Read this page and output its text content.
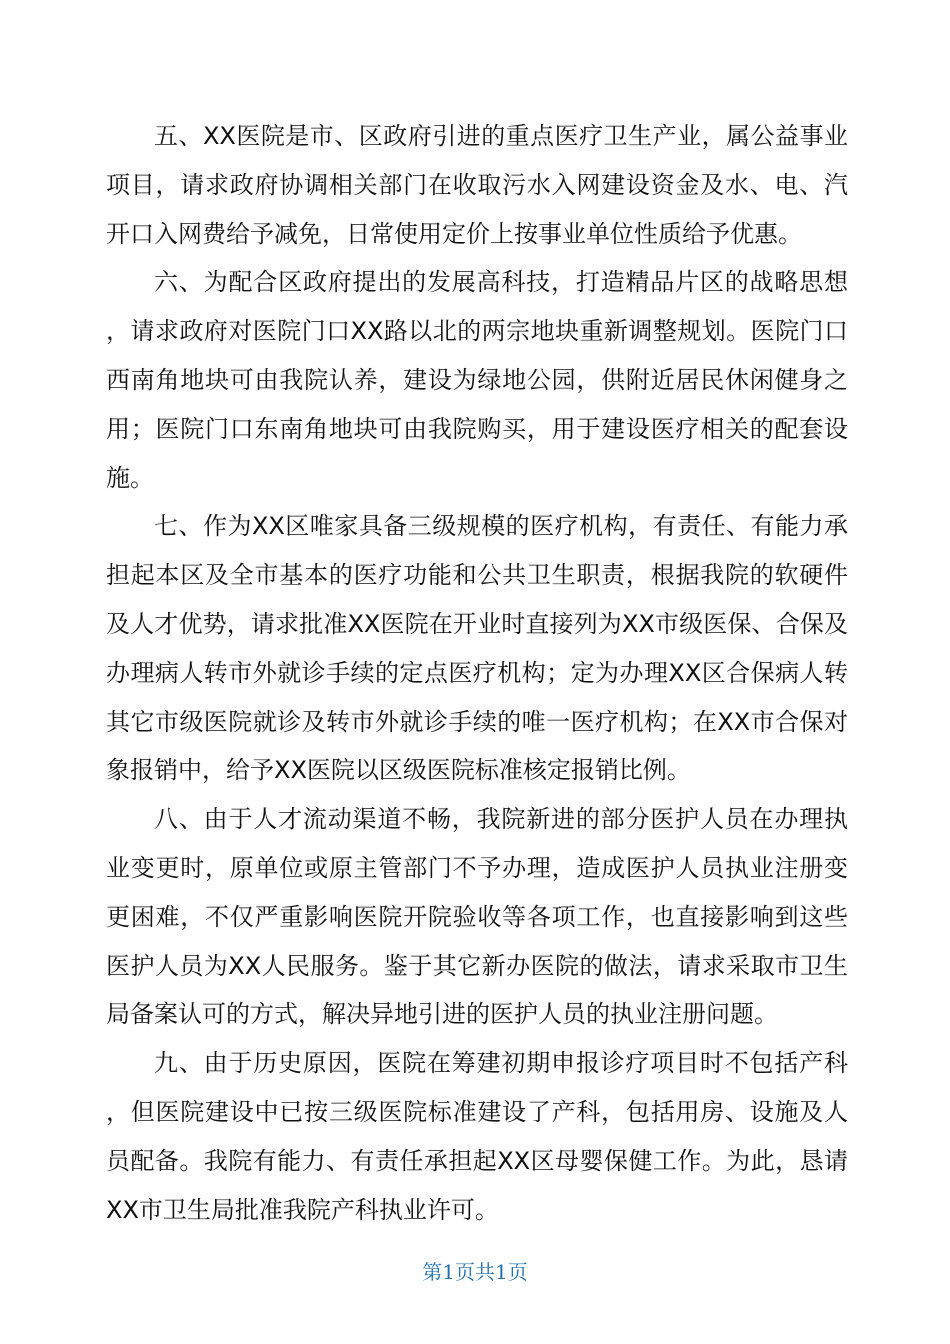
五、XX医院是市、区政府引进的重点医疗卫生产业，属公益事业项目，请求政府协调相关部门在收取污水入网建设资金及水、电、汽开口入网费给予减免，日常使用定价上按事业单位性质给予优惠。

六、为配合区政府提出的发展高科技，打造精品片区的战略思想，请求政府对医院门口XX路以北的两宗地块重新调整规划。医院门口西南角地块可由我院认养，建设为绿地公园，供附近居民休闲健身之用；医院门口东南角地块可由我院购买，用于建设医疗相关的配套设施。

七、作为XX区唯家具备三级规模的医疗机构，有责任、有能力承担起本区及全市基本的医疗功能和公共卫生职责，根据我院的软硬件及人才优势，请求批准XX医院在开业时直接列为XX市级医保、合保及办理病人转市外就诊手续的定点医疗机构；定为办理XX区合保病人转其它市级医院就诊及转市外就诊手续的唯一医疗机构；在XX市合保对象报销中，给予XX医院以区级医院标准核定报销比例。

八、由于人才流动渠道不畅，我院新进的部分医护人员在办理执业变更时，原单位或原主管部门不予办理，造成医护人员执业注册变更困难，不仅严重影响医院开院验收等各项工作，也直接影响到这些医护人员为XX人民服务。鉴于其它新办医院的做法，请求采取市卫生局备案认可的方式，解决异地引进的医护人员的执业注册问题。

九、由于历史原因，医院在筹建初期申报诊疗项目时不包括产科，但医院建设中已按三级医院标准建设了产科，包括用房、设施及人员配备。我院有能力、有责任承担起XX区母婴保健工作。为此，恳请XX市卫生局批准我院产科执业许可。

第1页共1页
